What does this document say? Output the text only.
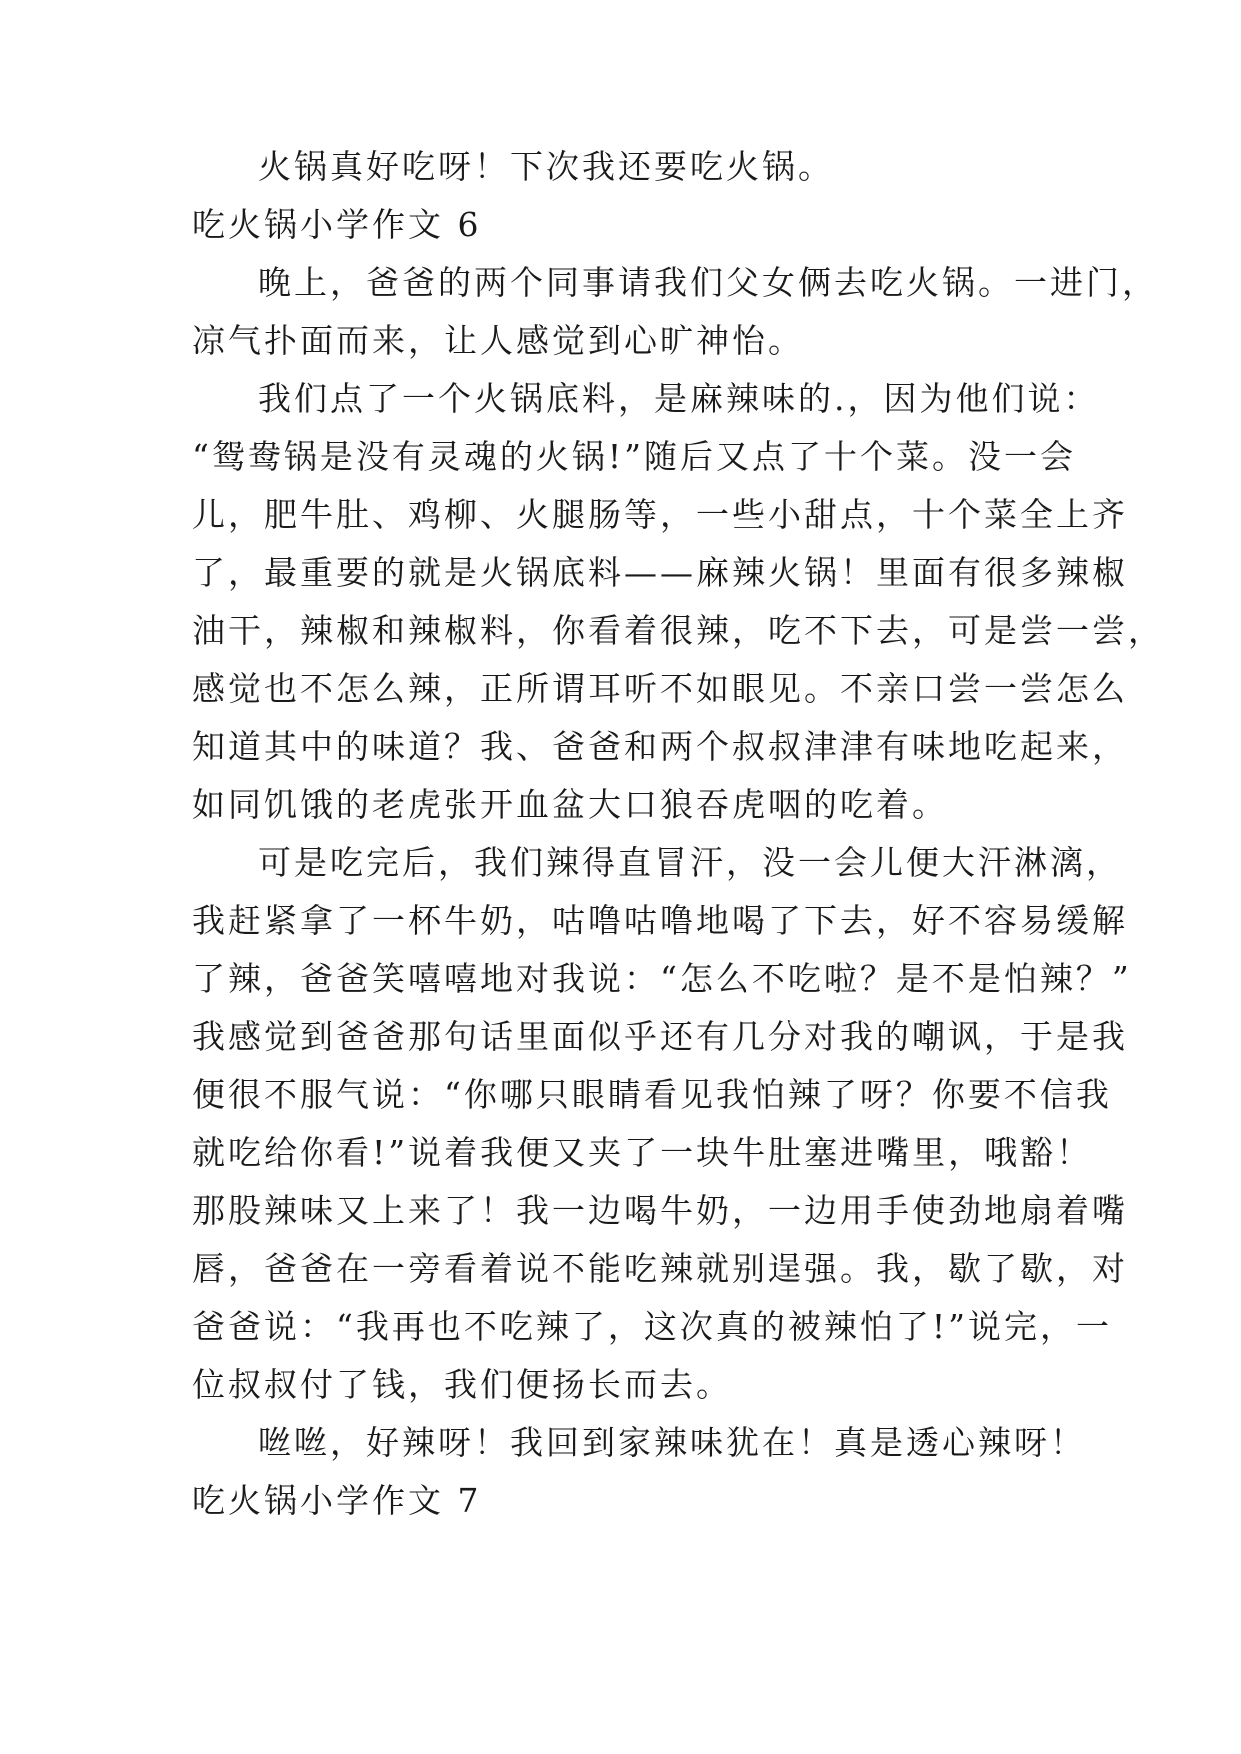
火锅真好吃呀！下次我还要吃火锅。
吃火锅小学作文 6
晚上，爸爸的两个同事请我们父女俩去吃火锅。一进门，
凉气扑面而来，让人感觉到心旷神怡。
我们点了一个火锅底料，是麻辣味的.，因为他们说：
“鸳鸯锅是没有灵魂的火锅!”随后又点了十个菜。没一会
儿，肥牛肚、鸡柳、火腿肠等，一些小甜点，十个菜全上齐
了，最重要的就是火锅底料——麻辣火锅！里面有很多辣椒
油干，辣椒和辣椒料，你看着很辣，吃不下去，可是尝一尝，
感觉也不怎么辣，正所谓耳听不如眼见。不亲口尝一尝怎么
知道其中的味道？我、爸爸和两个叔叔津津有味地吃起来，
如同饥饿的老虎张开血盆大口狼吞虎咽的吃着。
可是吃完后，我们辣得直冒汗，没一会儿便大汗淋漓，
我赶紧拿了一杯牛奶，咕噜咕噜地喝了下去，好不容易缓解
了辣，爸爸笑嘻嘻地对我说：“怎么不吃啦？是不是怕辣？”
我感觉到爸爸那句话里面似乎还有几分对我的嘲讽，于是我
便很不服气说：“你哪只眼睛看见我怕辣了呀？你要不信我
就吃给你看!”说着我便又夹了一块牛肚塞进嘴里，哦豁！
那股辣味又上来了！我一边喝牛奶，一边用手使劲地扇着嘴
唇，爸爸在一旁看着说不能吃辣就别逞强。我，歇了歇，对
爸爸说：“我再也不吃辣了，这次真的被辣怕了!”说完，一
位叔叔付了钱，我们便扬长而去。
咝咝，好辣呀！我回到家辣味犹在！真是透心辣呀！
吃火锅小学作文 7
